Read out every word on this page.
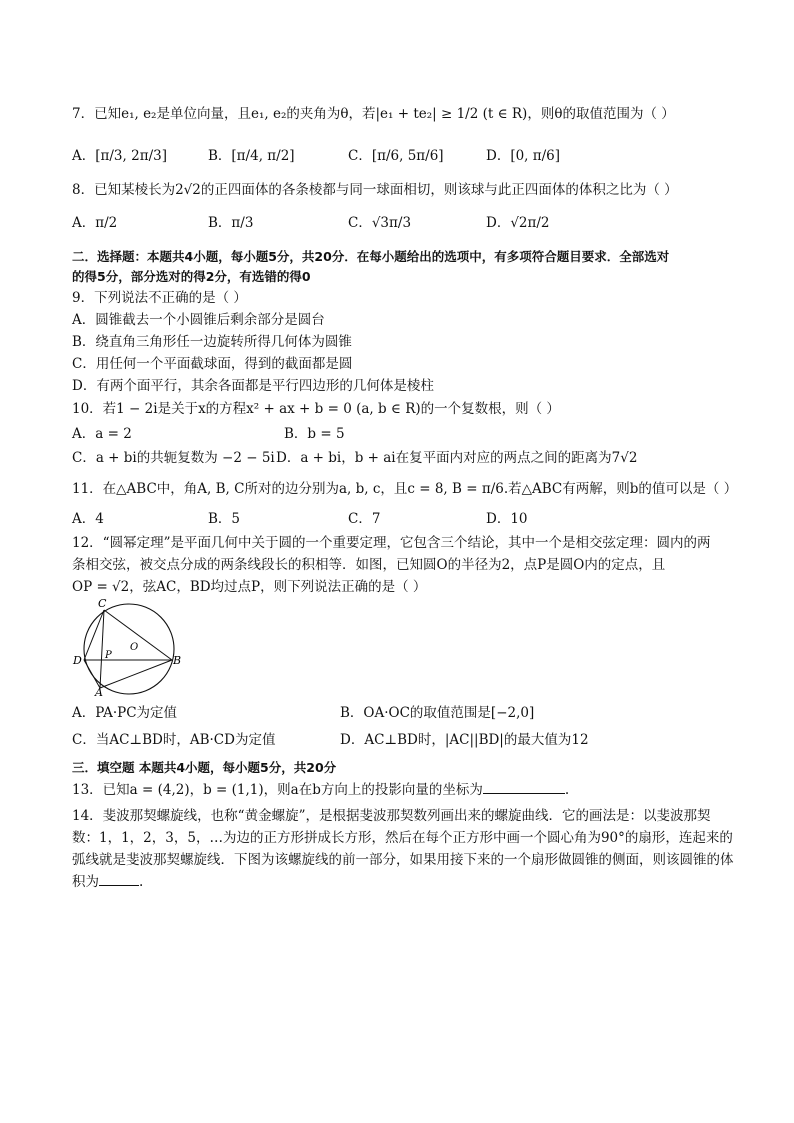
7．已知e₁, e₂是单位向量，且e₁, e₂的夹角为θ，若|e₁ + te₂| ≥ 1/2 (t ∈ R)，则θ的取值范围为（ ）
A．[π/3, 2π/3]	B．[π/4, π/2]	C．[π/6, 5π/6]	D．[0, π/6]
8．已知某棱长为2√2的正四面体的各条棱都与同一球面相切，则该球与此正四面体的体积之比为（ ）
A．π/2	B．π/3	C．√3π/3	D．√2π/2
二．选择题：本题共4小题，每小题5分，共20分．在每小题给出的选项中，有多项符合题目要求．全部选对
的得5分，部分选对的得2分，有选错的得0
9．下列说法不正确的是（ ）
A．圆锥截去一个小圆锥后剩余部分是圆台
B．绕直角三角形任一边旋转所得几何体为圆锥
C．用任何一个平面截球面，得到的截面都是圆
D．有两个面平行，其余各面都是平行四边形的几何体是棱柱
10．若1 − 2i是关于x的方程x² + ax + b = 0 (a, b ∈ R)的一个复数根，则（ ）
A．a = 2	B．b = 5
C．a + bi的共轭复数为 −2 − 5i D．a + bi，b + ai在复平面内对应的两点之间的距离为7√2
11．在△ABC中，角A, B, C所对的边分别为a, b, c，且c = 8, B = π/6.若△ABC有两解，则b的值可以是（ ）
A．4	B．5	C．7	D．10
12．“圆幂定理”是平面几何中关于圆的一个重要定理，它包含三个结论，其中一个是相交弦定理：圆内的两
条相交弦，被交点分成的两条线段长的积相等．如图，已知圆O的半径为2，点P是圆O内的定点，且
OP = √2，弦AC，BD均过点P，则下列说法正确的是（ ）
C
D P
O
B
A
A．PA·PC为定值	B．OA·OC的取值范围是[−2,0]
C．当AC⊥BD时，AB·CD为定值	D．AC⊥BD时，|AC||BD|的最大值为12
三．填空题 本题共4小题，每小题5分，共20分
13．已知a = (4,2)，b = (1,1)，则a在b方向上的投影向量的坐标为	.
14．斐波那契螺旋线，也称“黄金螺旋”，是根据斐波那契数列画出来的螺旋曲线．它的画法是：以斐波那契数：1，1，2，3，5，…为边的正方形拼成长方形，然后在每个正方形中画一个圆心角为90°的扇形，连起来的弧线就是斐波那契螺旋线．下图为该螺旋线的前一部分，如果用接下来的一个扇形做圆锥的侧面，则该圆锥的体积为	.
